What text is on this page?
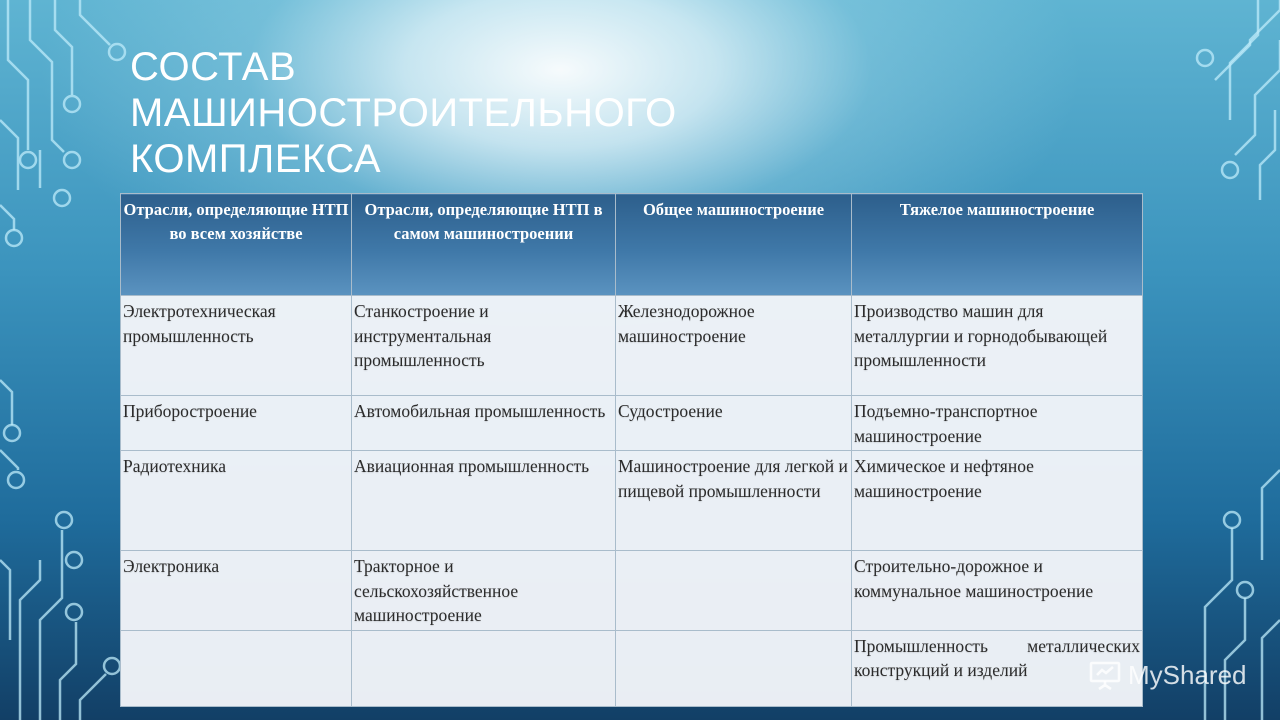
СОСТАВ
МАШИНОСТРОИТЕЛЬНОГО
КОМПЛЕКСА
Отрасли, определяющие НТП во всем хозяйстве	Отрасли, определяющие НТП в самом машиностроении	Общее машиностроение	Тяжелое машиностроение
Электротехническая промышленность	Станкостроение и инструментальная промышленность	Железнодорожное машиностроение	Производство машин для металлургии и горнодобывающей промышленности
Приборостроение	Автомобильная промышленность	Судостроение	Подъемно-транспортное машиностроение
Радиотехника	Авиационная промышленность	Машиностроение для легкой и пищевой промышленности	Химическое и нефтяное машиностроение
Электроника	Тракторное и сельскохозяйственное машиностроение		Строительно-дорожное и коммунальное машиностроение
			Промышленность металлических конструкций и изделий	MyShared
